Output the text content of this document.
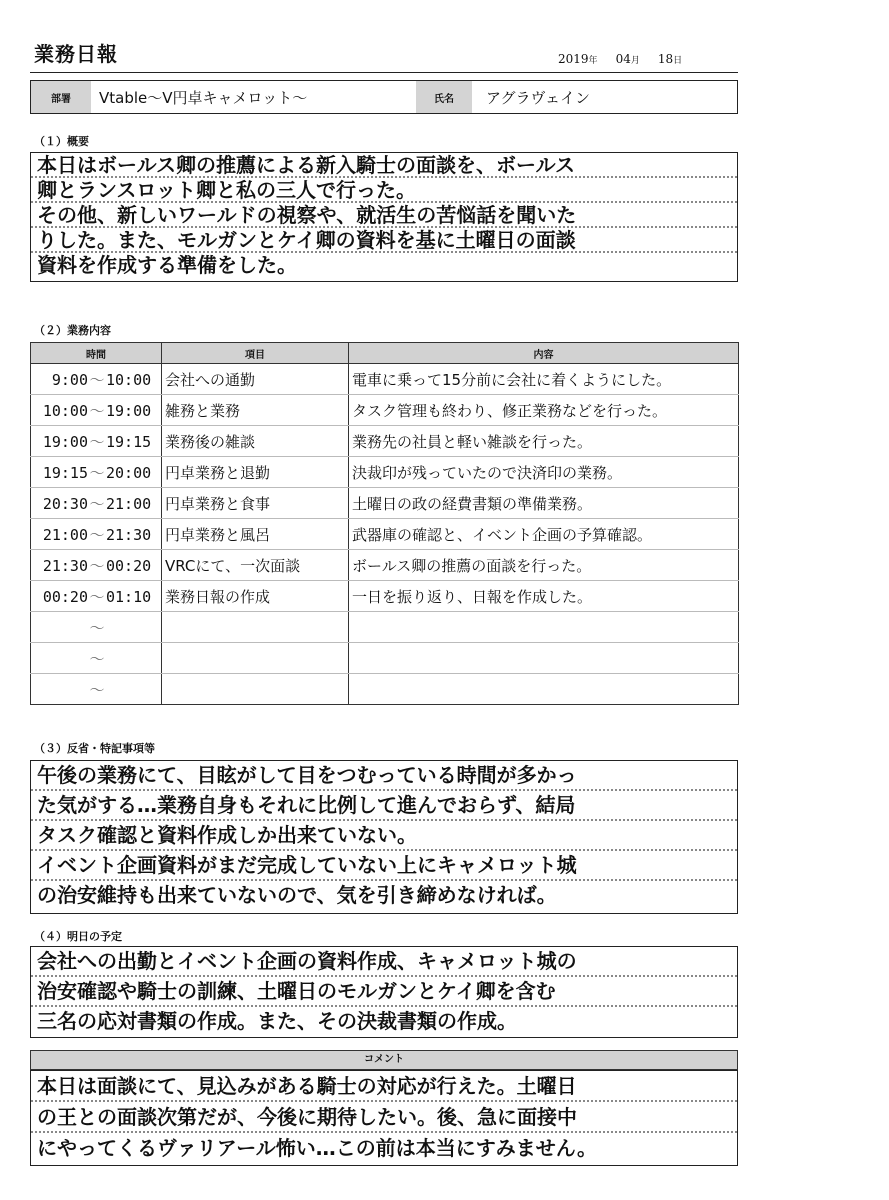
業務日報	2019年 04月 18日
部署	Vtable～V円卓キャメロット～	氏名	アグラヴェイン
（１）概要
本日はボールス卿の推薦による新入騎士の面談を、ボールス
卿とランスロット卿と私の三人で行った。
その他、新しいワールドの視察や、就活生の苦悩話を聞いた
りした。また、モルガンとケイ卿の資料を基に土曜日の面談
資料を作成する準備をした。
（２）業務内容
時間	項目	内容
9:00～ 10:00	会社への通勤	電車に乗って15分前に会社に着くようにした。
10:00～ 19:00	雑務と業務	タスク管理も終わり、修正業務などを行った。
19:00～ 19:15	業務後の雑談	業務先の社員と軽い雑談を行った。
19:15～ 20:00	円卓業務と退勤	決裁印が残っていたので決済印の業務。
20:30～ 21:00	円卓業務と食事	土曜日の政の経費書類の準備業務。
21:00～ 21:30	円卓業務と風呂	武器庫の確認と、イベント企画の予算確認。
21:30～ 00:20	VRCにて、一次面談	ボールス卿の推薦の面談を行った。
00:20～ 01:10	業務日報の作成	一日を振り返り、日報を作成した。
～		
～		
～		
（３）反省・特記事項等
午後の業務にて、目眩がして目をつむっている時間が多かっ
た気がする…業務自身もそれに比例して進んでおらず、結局
タスク確認と資料作成しか出来ていない。
イベント企画資料がまだ完成していない上にキャメロット城
の治安維持も出来ていないので、気を引き締めなければ。
（４）明日の予定
会社への出勤とイベント企画の資料作成、キャメロット城の
治安確認や騎士の訓練、土曜日のモルガンとケイ卿を含む
三名の応対書類の作成。また、その決裁書類の作成。
コメント
本日は面談にて、見込みがある騎士の対応が行えた。土曜日
の王との面談次第だが、今後に期待したい。後、急に面接中
にやってくるヴァリアール怖い…この前は本当にすみません。
